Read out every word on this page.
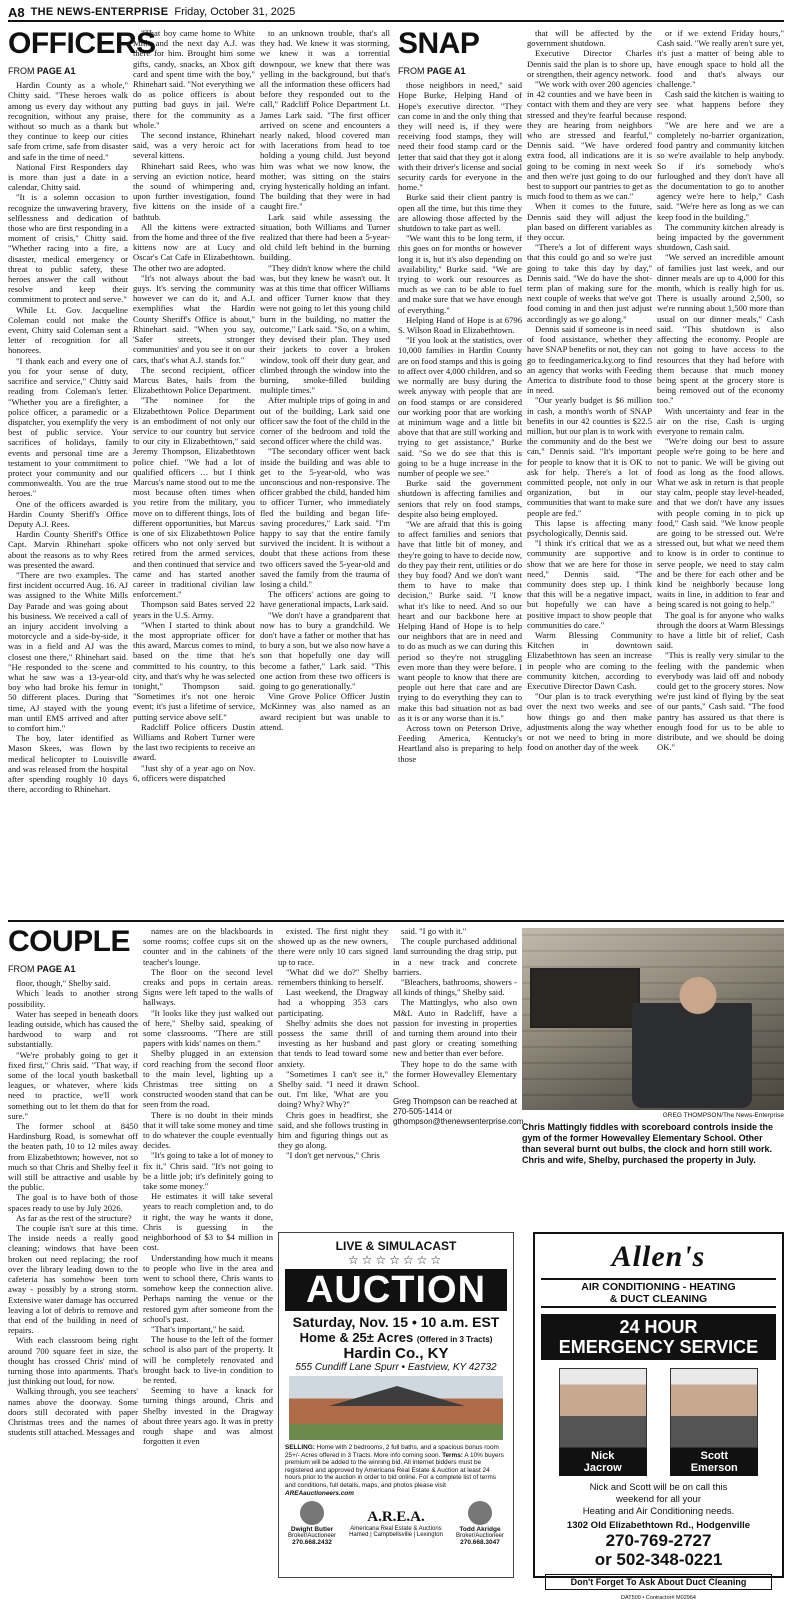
A8 THE NEWS-ENTERPRISE Friday, October 31, 2025
OFFICERS
FROM PAGE A1

Hardin County as a whole," Chitty said. "These heroes walk among us every day without any recognition, without any praise, without so much as a thank but they continue to keep our cities safe from crime, safe from disaster and safe in the time of need."

National First Responders day is more than just a date in a calendar, Chitty said.

"It is a solemn occasion to recognize the unwavering bravery, selflessness and dedication of those who are first responding in a moment of crisis," Chitty said. "Whether racing into a fire, a disaster, medical emergency or threat to public safety, these heroes answer the call without resolve and keep their commitment to protect and serve."

While Lt. Gov. Jacqueline Coleman could not make the event, Chitty said Coleman sent a letter of recognition for all honorees.

"I thank each and every one of you for your sense of duty, sacrifice and service," Chitty said reading from Coleman's letter. "Whether you are a firefighter, a police officer, a paramedic or a dispatcher, you exemplify the very best of public service. Your sacrifices of holidays, family events and personal time are a testament to your commitment to protect your community and our commonwealth. You are the true heroes."

One of the officers awarded is Hardin County Sheriff's Office Deputy A.J. Rees.

Hardin County Sheriff's Office Capt. Marvin Rhinehart spoke about the reasons as to why Rees was presented the award.

"There are two examples. The first incident occurred Aug. 16. AJ was assigned to the White Mills Day Parade and was going about his business. We received a call of an injury accident involving a motorcycle and a side-by-side, it was in a field and AJ was the closest one there," Rhinehart said. "He responded to the scene and what he saw was a 13-year-old boy who had broke his femur in 50 different places. During that time, AJ stayed with the young man until EMS arrived and after to comfort him."

The boy, later identified as Mason Skees, was flown by medical helicopter to Louisville and was released from the hospital after spending roughly 10 days there, according to Rhinehart.

"That boy came home to White Mills and the next day A.J. was there for him. Brought him some gifts, candy, snacks, an Xbox gift card and spent time with the boy," Rhinehart said. "Not everything we do as police officers is about putting bad guys in jail. We're there for the community as a whole."

The second instance, Rhinehart said, was a very heroic act for several kittens.

Rhinehart said Rees, who was serving an eviction notice, heard the sound of whimpering and, upon further investigation, found five kittens on the inside of a bathtub.

All the kittens were extracted from the home and three of the five kittens now are at Lucy and Oscar's Cat Cafe in Elizabethtown. The other two are adopted.

"It's not always about the bad guys. It's serving the community however we can do it, and A.J. exemplifies what the Hardin County Sheriff's Office is about," Rhinehart said. "When you say, 'Safer streets, stronger communities' and you see it on our cars, that's what A.J. stands for."

The second recipient, officer Marcus Bates, hails from the Elizabethtown Police Department.

"The nominee for the Elizabethtown Police Department is an embodiment of not only our service to our country but service to our city in Elizabethtown," said Jeremy Thompson, Elizabethtown police chief. "We had a lot of qualified officers … but I think Marcus's name stood out to me the most because often times when you retire from the military, you move on to different things, lots of different opportunities, but Marcus is one of six Elizabethtown Police officers who not only served but retired from the armed services, and then continued that service and came and has started another career in traditional civilian law enforcement."

Thompson said Bates served 22 years in the U.S. Army.

"When I started to think about the most appropriate officer for this award, Marcus comes to mind, based on the time that he's committed to his country, to this city, and that's why he was selected tonight," Thompson said. "Sometimes it's not one heroic event; it's just a lifetime of service, putting service above self."

Radcliff Police officers Dustin Williams and Robert Turner were the last two recipients to receive an award.

"Just shy of a year ago on Nov. 6, officers were dispatched

to an unknown trouble, that's all they had. We knew it was storming, we knew it was a torrential downpour, we knew that there was yelling in the background, but that's all the information these officers had before they responded out to the call," Radcliff Police Department Lt. James Lark said. "The first officer arrived on scene and encounters a nearly naked, blood covered man with lacerations from head to toe holding a young child. Just beyond him was what we now know, the mother, was sitting on the stairs crying hysterically holding an infant. The building that they were in had caught fire."

Lark said while assessing the situation, both Williams and Turner realized that there had been a 5-year-old child left behind in the burning building.

"They didn't know where the child was, but they knew he wasn't out. It was at this time that officer Williams and officer Turner know that they were not going to let this young child burn in the building, no matter the outcome," Lark said. "So, on a whim, they devised their plan. They used their jackets to cover a broken window, took off their duty gear, and climbed through the window into the burning, smoke-filled building multiple times."

After multiple trips of going in and out of the building, Lark said one officer saw the foot of the child in the corner of the bedroom and told the second officer where the child was.

"The secondary officer went back inside the building and was able to get to the 5-year-old, who was unconscious and non-responsive. The officer grabbed the child, handed him to officer Turner, who immediately fled the building and began life-saving procedures," Lark said. "I'm happy to say that the entire family survived the incident. It is without a doubt that these actions from these two officers saved the 5-year-old and saved the family from the trauma of losing a child."

The officers' actions are going to have generational impacts, Lark said.

"We don't have a grandparent that now has to bury a grandchild. We don't have a father or mother that has to bury a son, but we also now have a son that hopefully one day will become a father," Lark said. "This one action from these two officers is going to go generationally."

Vine Grove Police Officer Justin McKinney was also named as an award recipient but was unable to attend.

SNAP
FROM PAGE A1

those neighbors in need," said Hope Burke, Helping Hand of Hope's executive director. "They can come in and the only thing that they will need is, if they were receiving food stamps, they will need their food stamp card or the letter that said that they got it along with their driver's license and social security cards for everyone in the home."

Burke said their client pantry is open all the time, but this time they are allowing those affected by the shutdown to take part as well.

"We want this to be long term, if this goes on for months or however long it is, but it's also depending on availability," Burke said. "We are trying to work our resources as much as we can to be able to fuel and make sure that we have enough of everything."

Helping Hand of Hope is at 6796 S. Wilson Road in Elizabethtown.

"If you look at the statistics, over 10,000 families in Hardin County are on food stamps and this is going to affect over 4,000 children, and so we normally are busy during the week anyway with people that are on food stamps or are considered our working poor that are working at minimum wage and a little bit above that that are still working and trying to get assistance," Burke said. "So we do see that this is going to be a huge increase in the number of people we see."

Burke said the government shutdown is affecting families and seniors that rely on food stamps, despite also being employed.

"We are afraid that this is going to affect families and seniors that have that little bit of money, and they're going to have to decide now, do they pay their rent, utilities or do they buy food? And we don't want them to have to make that decision," Burke said. "I know what it's like to need. And so our heart and our backbone here at Helping Hand of Hope is to help our neighbors that are in need and to do as much as we can during this period so they're not struggling even more than they were before. I want people to know that there are people out here that care and are trying to do everything they can to make this bad situation not as bad as it is or any worse than it is."

Across town on Peterson Drive, Feeding America, Kentucky's Heartland also is preparing to help those

that will be affected by the government shutdown.

Executive Director Charles Dennis said the plan is to shore up, or strengthen, their agency network.

"We work with over 200 agencies in 42 counties and we have been in contact with them and they are very stressed and they're fearful because they are hearing from neighbors who are stressed and fearful," Dennis said. "We have ordered extra food, all indications are it is going to be coming in next week and then we're just going to do our best to support our pantries to get as much food to them as we can."

When it comes to the future, Dennis said they will adjust the plan based on different variables as they occur.

"There's a lot of different ways that this could go and so we're just going to take this day by day," Dennis said. "We do have the shot-term plan of making sure for the next couple of weeks that we've got food coming in and then just adjust accordingly as we go along."

Dennis said if someone is in need of food assistance, whether they have SNAP benefits or not, they can go to feedingamerica.ky.org to find an agency that works with Feeding America to distribute food to those in need.

"Our yearly budget is $6 million in cash, a month's worth of SNAP benefits in our 42 counties is $22.5 million, but our plan is to work with the community and do the best we can," Dennis said. "It's important for people to know that it is OK to ask for help. There's a lot of committed people, not only in our organization, but in our communities that want to make sure people are fed."

This lapse is affecting many psychologically, Dennis said.

"I think it's critical that we as a community are supportive and show that we are here for those in need," Dennis said. "The community does step up. I think that this will be a negative impact, but hopefully we can have a positive impact to show people that communities do care."

Warm Blessing Community Kitchen in downtown Elizabethtown has seen an increase in people who are coming to the community kitchen, according to Executive Director Dawn Cash.

"Our plan is to track everything over the next two weeks and see how things go and then make adjustments along the way whether or not we need to bring in more food on another day of the week

or if we extend Friday hours," Cash said. "We really aren't sure yet, it's just a matter of being able to have enough space to hold all the food and that's always our challenge."

Cash said the kitchen is waiting to see what happens before they respond.

"We are here and we are a completely no-barrier organization, food pantry and community kitchen so we're available to help anybody. So if it's somebody who's furloughed and they don't have all the documentation to go to another agency we're here to help," Cash said. "We're here as long as we can keep food in the building."

The community kitchen already is being impacted by the government shutdown, Cash said.

"We served an incredible amount of families just last week, and our dinner meals are up to 4,000 for this month, which is really high for us. There is usually around 2,500, so we're running about 1,500 more than usual on our dinner meals," Cash said. "This shutdown is also affecting the economy. People are not going to have access to the resources that they had before with them because that much money being spent at the grocery store is being removed out of the economy too."

With uncertainty and fear in the air on the rise, Cash is urging everyone to remain calm.

"We're doing our best to assure people we're going to be here and not to panic. We will be giving out food as long as the food allows. What we ask in return is that people stay calm, people stay level-headed, and that we don't have any issues with people coming in to pick up food," Cash said. "We know people are going to be stressed out. We're stressed out, but what we need them to know is in order to continue to serve people, we need to stay calm and be there for each other and be kind be neighborly because long waits in line, in addition to fear and being scared is not going to help."

The goal is for anyone who walks through the doors at Warm Blessings to have a little bit of relief, Cash said.

"This is really very similar to the feeling with the pandemic when everybody was laid off and nobody could get to the grocery stores. Now we're just kind of flying by the seat of our pants," Cash said. "The food pantry has assured us that there is enough food for us to be able to distribute, and we should be doing OK."

COUPLE
FROM PAGE A1

floor, though," Shelby said.

Which leads to another strong possibility.

Water has seeped in beneath doors leading outside, which has caused the hardwood to warp and rot substantially.

"We're probably going to get it fixed first," Chris said. "That way, if some of the local youth basketball leagues, or whatever, where kids need to practice, we'll work something out to let them do that for sure."

The former school at 8450 Hardinsburg Road, is somewhat off the beaten path, 10 to 12 miles away from Elizabethtown; however, not so much so that Chris and Shelby feel it will still be attractive and usable by the public.

The goal is to have both of those spaces ready to use by July 2026.

As far as the rest of the structure?

The couple isn't sure at this time. The inside needs a really good cleaning; windows that have been broken out need replacing; the roof over the library leading down to the cafeteria has somehow been torn away - possibly by a strong storm. Extensive water damage has occurred leaving a lot of debris to remove and that end of the building in need of repairs.

With each classroom being right around 700 square feet in size, the thought has crossed Chris' mind of turning those into apartments. That's just thinking out loud, for now.

Walking through, you see teachers' names above the doorway. Some doors still decorated with paper Christmas trees and the names of students still attached. Messages and

names are on the blackboards in some rooms; coffee cups sit on the counter and in the cabinets of the teacher's lounge.

The floor on the second level creaks and pops in certain areas. Signs were left taped to the walls of hallways.

"It looks like they just walked out of here," Shelby said, speaking of some classrooms. "There are still papers with kids' names on them."

Shelby plugged in an extension cord reaching from the second floor to the main level, lighting up a Christmas tree sitting on a constructed wooden stand that can be seen from the road.

There is no doubt in their minds that it will take some money and time to do whatever the couple eventually decides.

"It's going to take a lot of money to fix it," Chris said. "It's not going to be a little job; it's definitely going to take some money."

He estimates it will take several years to reach completion and, to do it right, the way he wants it done, Chris is guessing in the neighborhood of $3 to $4 million in cost.

Understanding how much it means to people who live in the area and went to school there, Chris wants to somehow keep the connection alive. Perhaps naming the venue or the restored gym after someone from the school's past.

"That's important," he said.

The house to the left of the former school is also part of the property. It will be completely renovated and brought back to live-in condition to be rented.

Seeming to have a knack for turning things around, Chris and Shelby invested in the Dragway about three years ago. It was in pretty rough shape and was almost forgotten it even

existed. The first night they showed up as the new owners, there were only 10 cars signed up to race.

"What did we do?" Shelby remembers thinking to herself.

Last weekend, the Dragway had a whopping 353 cars participating.

Shelby admits she does not possess the same thrill of investing as her husband and that tends to lead toward some anxiety.

"Sometimes I can't see it," Shelby said. "I need it drawn out. I'm like, 'What are you doing? Why? Why?"

Chris goes in headfirst, she said, and she follows trusting in him and figuring things out as they go along.

"I don't get nervous," Chris

said. "I go with it."

The couple purchased additional land surrounding the drag strip, put in a new track and concrete barriers.

"Bleachers, bathrooms, showers - all kinds of things," Shelby said.

The Mattinglys, who also own M&L Auto in Radcliff, have a passion for investing in properties and turning them around into their past glory or creating something new and better than ever before.

They hope to do the same with the former Howevalley Elementary School.

Greg Thompson can be reached at 270-505-1414 or gthompson@thenewsenterprise.com.
GREG THOMPSON/The News-Enterprise
Chris Mattingly fiddles with scoreboard controls inside the gym of the former Howevalley Elementary School. Other than several burnt out bulbs, the clock and horn still work. Chris and wife, Shelby, purchased the property in July.
LIVE & SIMULACAST
☆☆☆☆☆☆☆
AUCTION
Saturday, Nov. 15 • 10 a.m. EST
Home & 25± Acres (Offered in 3 Tracts)
Hardin Co., KY
555 Cundiff Lane Spurr • Eastview, KY 42732
SELLING: Home with 2 bedrooms, 2 full baths, and a spacious bonus room 25+/- Acres offered in 3 Tracts. More info coming soon. Terms: A 10% buyers premium will be added to the winning bid. All internet bidders must be registered and approved by Americana Real Estate & Auction at least 24 hours prior to the auction in order to bid online. For a complete list of terms and conditions, full details, maps, and photos please visit AREAauctioneers.com
Dwight Butler
Broker/Auctioneer
270.668.2432
A.R.E.A.
Americana Real Estate & Auctions
Hamed | Campbellsville | Lexington
Todd Akridge
Broker/Auctioneer
270.668.3047
Allen's
AIR CONDITIONING - HEATING
& DUCT CLEANING
24 HOUR
EMERGENCY SERVICE
Nick
Jacrow
Scott
Emerson
Nick and Scott will be on call this
weekend for all your
Heating and Air Conditioning needs.
1302 Old Elizabethtown Rd., Hodgenville
270-769-2727
or 502-348-0221
Don't Forget To Ask About Duct Cleaning
DAT500 • Contractor# M02964
